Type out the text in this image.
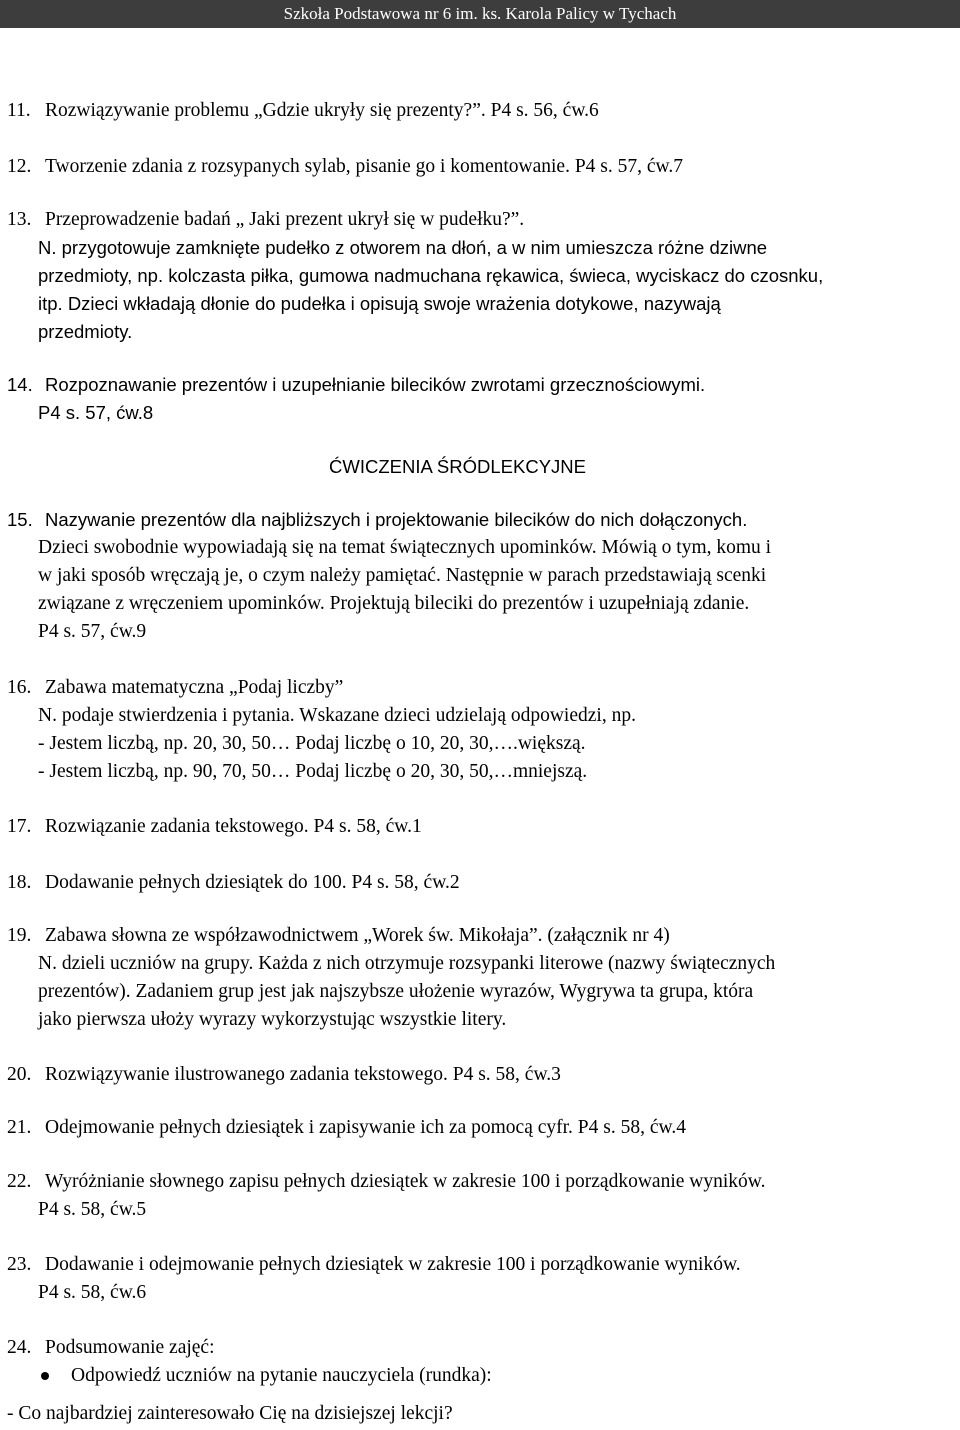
Szkoła Podstawowa nr 6 im. ks. Karola Palicy w Tychach
11. Rozwiązywanie problemu „Gdzie ukryły się prezenty?”. P4 s. 56, ćw.6
12. Tworzenie zdania z rozsypanych sylab, pisanie go i komentowanie. P4 s. 57, ćw.7
13. Przeprowadzenie badań „ Jaki prezent ukrył się w pudełku?”.
N. przygotowuje zamknięte pudełko z otworem na dłoń, a w nim umieszcza różne dziwne
przedmioty, np. kolczasta piłka, gumowa nadmuchana rękawica, świeca, wyciskacz do czosnku,
itp. Dzieci wkładają dłonie do pudełka i opisują swoje wrażenia dotykowe, nazywają
przedmioty.
14. Rozpoznawanie prezentów i uzupełnianie bilecików zwrotami grzecznościowymi.
P4 s. 57, ćw.8
ĆWICZENIA ŚRÓDLEKCYJNE
15. Nazywanie prezentów dla najbliższych i projektowanie bilecików do nich dołączonych.
Dzieci swobodnie wypowiadają się na temat świątecznych upominków. Mówią o tym, komu i
w jaki sposób wręczają je, o czym należy pamiętać. Następnie w parach przedstawiają scenki
związane z wręczeniem upominków. Projektują bileciki do prezentów i uzupełniają zdanie.
P4 s. 57, ćw.9
16. Zabawa matematyczna „Podaj liczby”
N. podaje stwierdzenia i pytania. Wskazane dzieci udzielają odpowiedzi, np.
- Jestem liczbą, np. 20, 30, 50… Podaj liczbę o 10, 20, 30,….większą.
- Jestem liczbą, np. 90, 70, 50… Podaj liczbę o 20, 30, 50,…mniejszą.
17. Rozwiązanie zadania tekstowego. P4 s. 58, ćw.1
18. Dodawanie pełnych dziesiątek do 100. P4 s. 58, ćw.2
19. Zabawa słowna ze współzawodnictwem „Worek św. Mikołaja”. (załącznik nr 4)
N. dzieli uczniów na grupy. Każda z nich otrzymuje rozsypanki literowe (nazwy świątecznych
prezentów). Zadaniem grup jest jak najszybsze ułożenie wyrazów, Wygrywa ta grupa, która
jako pierwsza ułoży wyrazy wykorzystując wszystkie litery.
20. Rozwiązywanie ilustrowanego zadania tekstowego. P4 s. 58, ćw.3
21. Odejmowanie pełnych dziesiątek i zapisywanie ich za pomocą cyfr. P4 s. 58, ćw.4
22. Wyróżnianie słownego zapisu pełnych dziesiątek w zakresie 100 i porządkowanie wyników.
P4 s. 58, ćw.5
23. Dodawanie i odejmowanie pełnych dziesiątek w zakresie 100 i porządkowanie wyników.
P4 s. 58, ćw.6
24. Podsumowanie zajęć:
Odpowiedź uczniów na pytanie nauczyciela (rundka):
- Co najbardziej zainteresowało Cię na dzisiejszej lekcji?
